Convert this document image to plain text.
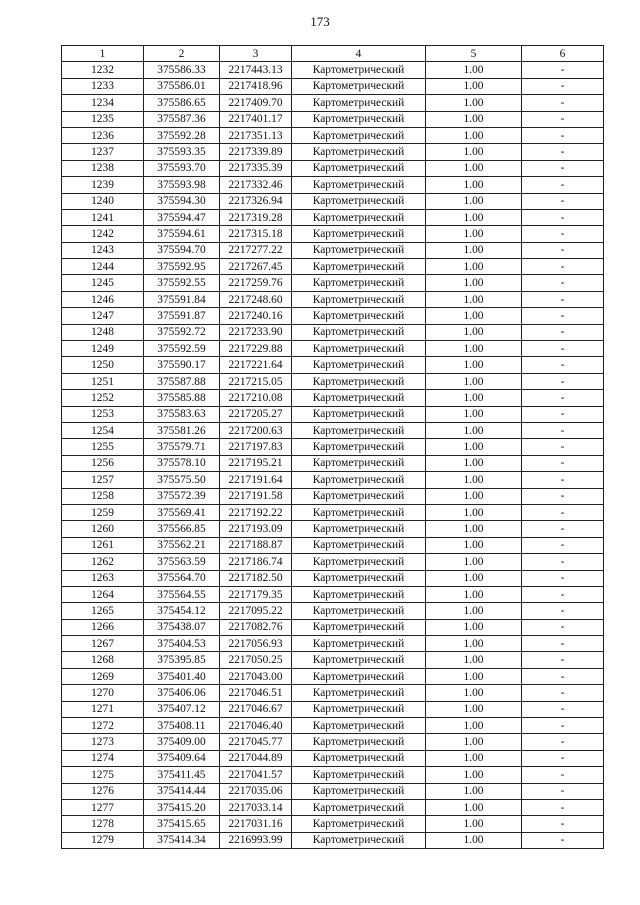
173
1	2	3	4	5	6
1232	375586.33	2217443.13	Картометрический	1.00	-
1233	375586.01	2217418.96	Картометрический	1.00	-
1234	375586.65	2217409.70	Картометрический	1.00	-
1235	375587.36	2217401.17	Картометрический	1.00	-
1236	375592.28	2217351.13	Картометрический	1.00	-
1237	375593.35	2217339.89	Картометрический	1.00	-
1238	375593.70	2217335.39	Картометрический	1.00	-
1239	375593.98	2217332.46	Картометрический	1.00	-
1240	375594.30	2217326.94	Картометрический	1.00	-
1241	375594.47	2217319.28	Картометрический	1.00	-
1242	375594.61	2217315.18	Картометрический	1.00	-
1243	375594.70	2217277.22	Картометрический	1.00	-
1244	375592.95	2217267.45	Картометрический	1.00	-
1245	375592.55	2217259.76	Картометрический	1.00	-
1246	375591.84	2217248.60	Картометрический	1.00	-
1247	375591.87	2217240.16	Картометрический	1.00	-
1248	375592.72	2217233.90	Картометрический	1.00	-
1249	375592.59	2217229.88	Картометрический	1.00	-
1250	375590.17	2217221.64	Картометрический	1.00	-
1251	375587.88	2217215.05	Картометрический	1.00	-
1252	375585.88	2217210.08	Картометрический	1.00	-
1253	375583.63	2217205.27	Картометрический	1.00	-
1254	375581.26	2217200.63	Картометрический	1.00	-
1255	375579.71	2217197.83	Картометрический	1.00	-
1256	375578.10	2217195.21	Картометрический	1.00	-
1257	375575.50	2217191.64	Картометрический	1.00	-
1258	375572.39	2217191.58	Картометрический	1.00	-
1259	375569.41	2217192.22	Картометрический	1.00	-
1260	375566.85	2217193.09	Картометрический	1.00	-
1261	375562.21	2217188.87	Картометрический	1.00	-
1262	375563.59	2217186.74	Картометрический	1.00	-
1263	375564.70	2217182.50	Картометрический	1.00	-
1264	375564.55	2217179.35	Картометрический	1.00	-
1265	375454.12	2217095.22	Картометрический	1.00	-
1266	375438.07	2217082.76	Картометрический	1.00	-
1267	375404.53	2217056.93	Картометрический	1.00	-
1268	375395.85	2217050.25	Картометрический	1.00	-
1269	375401.40	2217043.00	Картометрический	1.00	-
1270	375406.06	2217046.51	Картометрический	1.00	-
1271	375407.12	2217046.67	Картометрический	1.00	-
1272	375408.11	2217046.40	Картометрический	1.00	-
1273	375409.00	2217045.77	Картометрический	1.00	-
1274	375409.64	2217044.89	Картометрический	1.00	-
1275	375411.45	2217041.57	Картометрический	1.00	-
1276	375414.44	2217035.06	Картометрический	1.00	-
1277	375415.20	2217033.14	Картометрический	1.00	-
1278	375415.65	2217031.16	Картометрический	1.00	-
1279	375414.34	2216993.99	Картометрический	1.00	-
